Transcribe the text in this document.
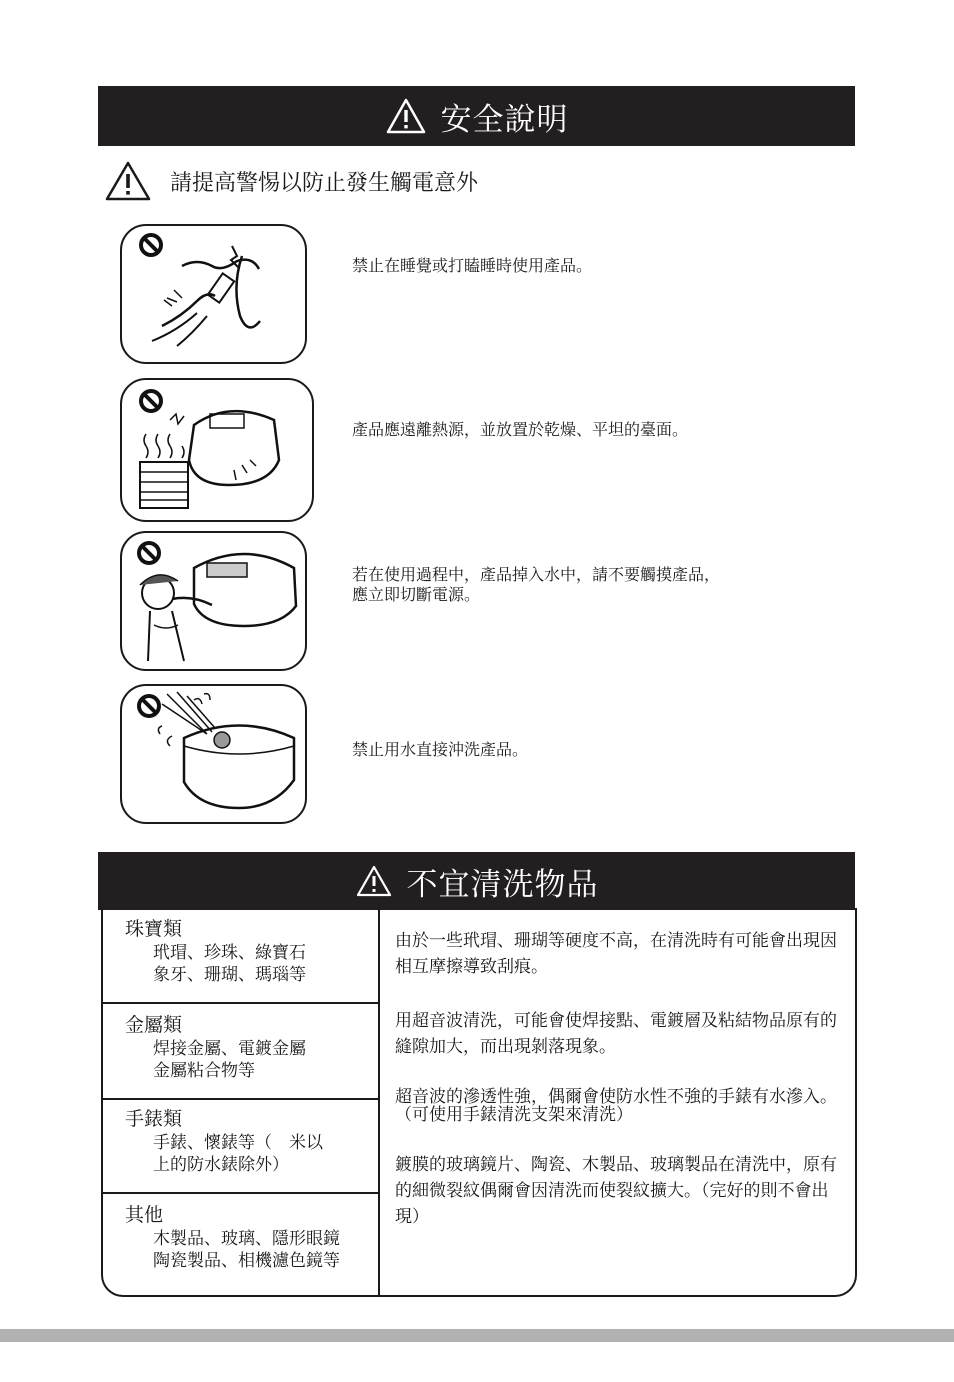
安全說明
請提高警惕以防止發生觸電意外
禁止在睡覺或打瞌睡時使用產品。
產品應遠離熱源，並放置於乾燥、平坦的臺面。
若在使用過程中，產品掉入水中，請不要觸摸產品，
應立即切斷電源。
禁止用水直接沖洗產品。
不宜清洗物品
珠寶類
玳瑁、珍珠、綠寶石
象牙、珊瑚、瑪瑙等
由於一些玳瑁、珊瑚等硬度不高，在清洗時有可能會出現因相互摩擦導致刮痕。
金屬類
焊接金屬、電鍍金屬
金屬粘合物等
用超音波清洗，可能會使焊接點、電鍍層及粘結物品原有的縫隙加大，而出現剝落現象。
手錶類
手錶、懷錶等（　米以
上的防水錶除外）
超音波的滲透性強，偶爾會使防水性不強的手錶有水滲入。（可使用手錶清洗支架來清洗）
其他
木製品、玻璃、隱形眼鏡
陶瓷製品、相機濾色鏡等
鍍膜的玻璃鏡片、陶瓷、木製品、玻璃製品在清洗中，原有的細微裂紋偶爾會因清洗而使裂紋擴大。（完好的則不會出現）
